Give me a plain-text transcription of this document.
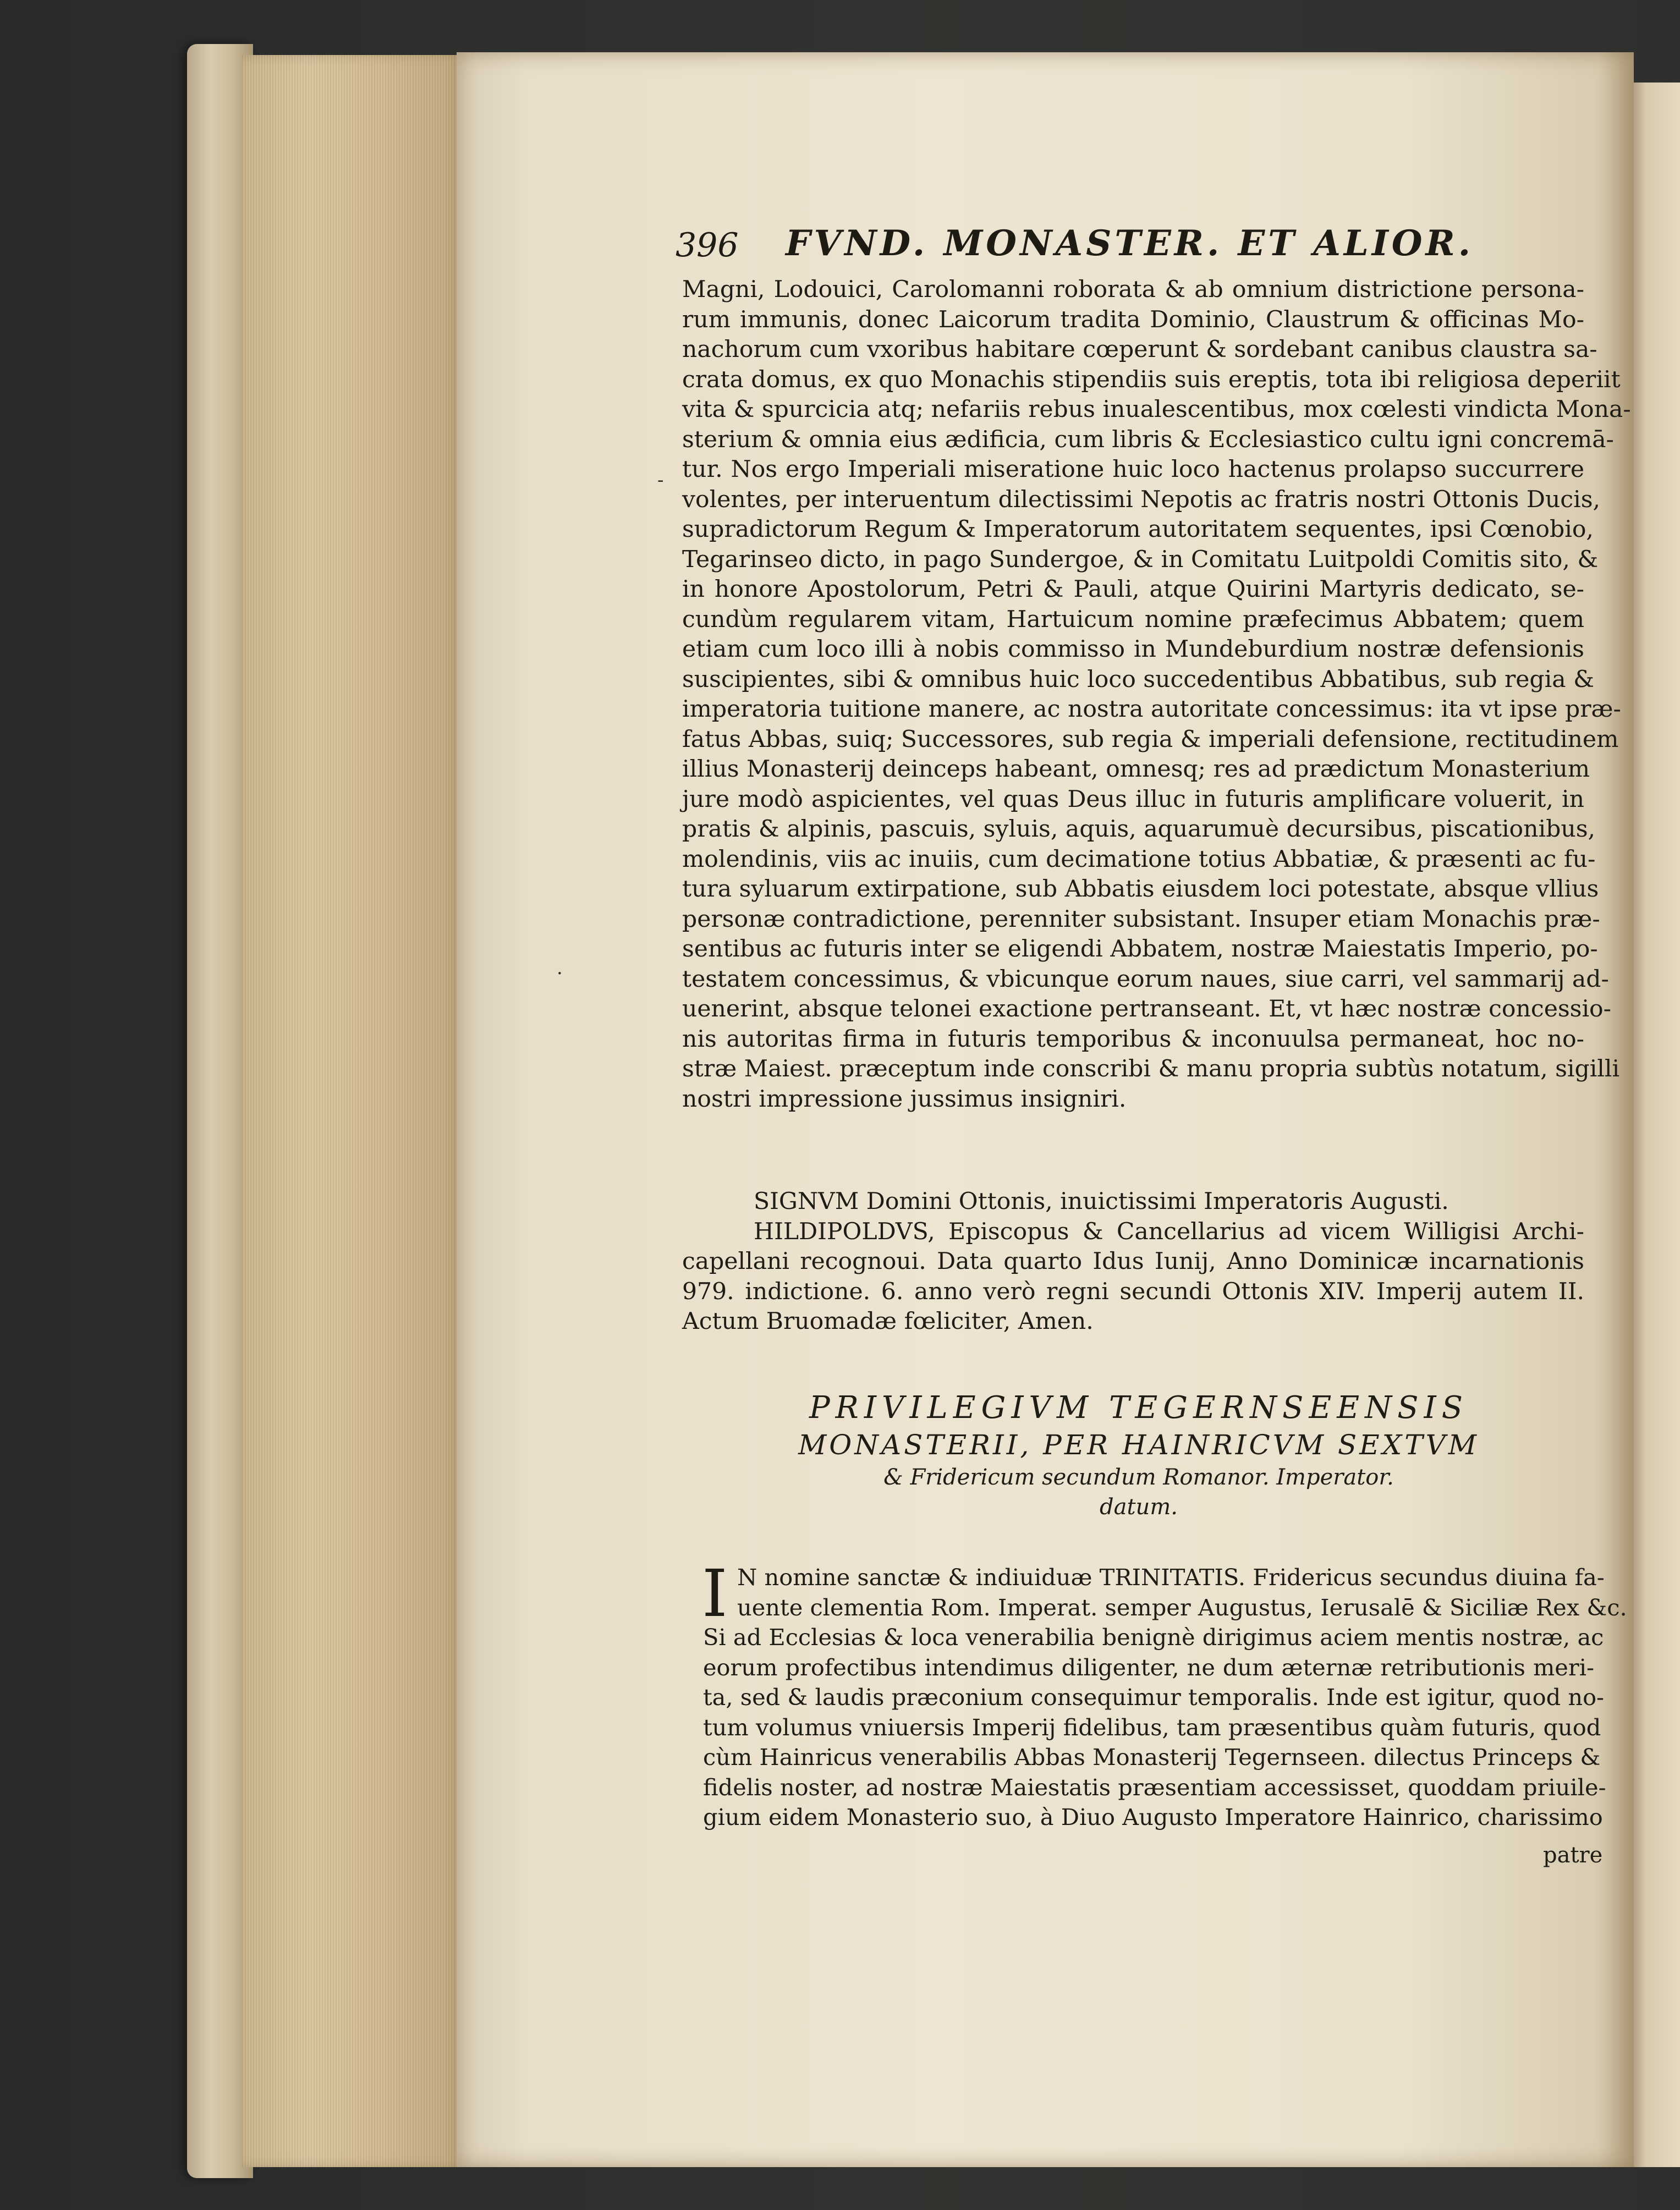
396 FVND. MONASTER. ET ALIOR.
-
·
Magni, Lodouici, Carolomanni roborata & ab omnium districtione persona-
rum immunis, donec Laicorum tradita Dominio, Claustrum & officinas Mo-
nachorum cum vxoribus habitare cœperunt & sordebant canibus claustra sa-
crata domus, ex quo Monachis stipendiis suis ereptis, tota ibi religiosa deperiit
vita & spurcicia atq; nefariis rebus inualescentibus, mox cœlesti vindicta Mona-
sterium & omnia eius ædificia, cum libris & Ecclesiastico cultu igni concremā-
tur. Nos ergo Imperiali miseratione huic loco hactenus prolapso succurrere
volentes, per interuentum dilectissimi Nepotis ac fratris nostri Ottonis Ducis,
supradictorum Regum & Imperatorum autoritatem sequentes, ipsi Cœnobio,
Tegarinseo dicto, in pago Sundergoe, & in Comitatu Luitpoldi Comitis sito, &
in honore Apostolorum, Petri & Pauli, atque Quirini Martyris dedicato, se-
cundùm regularem vitam, Hartuicum nomine præfecimus Abbatem; quem
etiam cum loco illi à nobis commisso in Mundeburdium nostræ defensionis
suscipientes, sibi & omnibus huic loco succedentibus Abbatibus, sub regia &
imperatoria tuitione manere, ac nostra autoritate concessimus: ita vt ipse præ-
fatus Abbas, suiq; Successores, sub regia & imperiali defensione, rectitudinem
illius Monasterij deinceps habeant, omnesq; res ad prædictum Monasterium
jure modò aspicientes, vel quas Deus illuc in futuris amplificare voluerit, in
pratis & alpinis, pascuis, syluis, aquis, aquarumuè decursibus, piscationibus,
molendinis, viis ac inuiis, cum decimatione totius Abbatiæ, & præsenti ac fu-
tura syluarum extirpatione, sub Abbatis eiusdem loci potestate, absque vllius
personæ contradictione, perenniter subsistant. Insuper etiam Monachis præ-
sentibus ac futuris inter se eligendi Abbatem, nostræ Maiestatis Imperio, po-
testatem concessimus, & vbicunque eorum naues, siue carri, vel sammarij ad-
uenerint, absque telonei exactione pertranseant. Et, vt hæc nostræ concessio-
nis autoritas firma in futuris temporibus & inconuulsa permaneat, hoc no-
stræ Maiest. præceptum inde conscribi & manu propria subtùs notatum, sigilli
nostri impressione jussimus insigniri.
SIGNVM Domini Ottonis, inuictissimi Imperatoris Augusti.
HILDIPOLDVS, Episcopus & Cancellarius ad vicem Willigisi Archi-
capellani recognoui. Data quarto Idus Iunij, Anno Dominicæ incarnationis
979. indictione. 6. anno verò regni secundi Ottonis XIV. Imperij autem II.
Actum Bruomadæ fœliciter, Amen.
PRIVILEGIVM TEGERNSEENSIS
MONASTERII, PER HAINRICVM SEXTVM
& Fridericum secundum Romanor. Imperator.
datum.
I N nomine sanctæ & indiuiduæ TRINITATIS. Fridericus secundus diuina fa-
uente clementia Rom. Imperat. semper Augustus, Ierusalē & Siciliæ Rex &c.
Si ad Ecclesias & loca venerabilia benignè dirigimus aciem mentis nostræ, ac
eorum profectibus intendimus diligenter, ne dum æternæ retributionis meri-
ta, sed & laudis præconium consequimur temporalis. Inde est igitur, quod no-
tum volumus vniuersis Imperij fidelibus, tam præsentibus quàm futuris, quod
cùm Hainricus venerabilis Abbas Monasterij Tegernseen. dilectus Princeps &
fidelis noster, ad nostræ Maiestatis præsentiam accessisset, quoddam priuile-
gium eidem Monasterio suo, à Diuo Augusto Imperatore Hainrico, charissimo
patre
